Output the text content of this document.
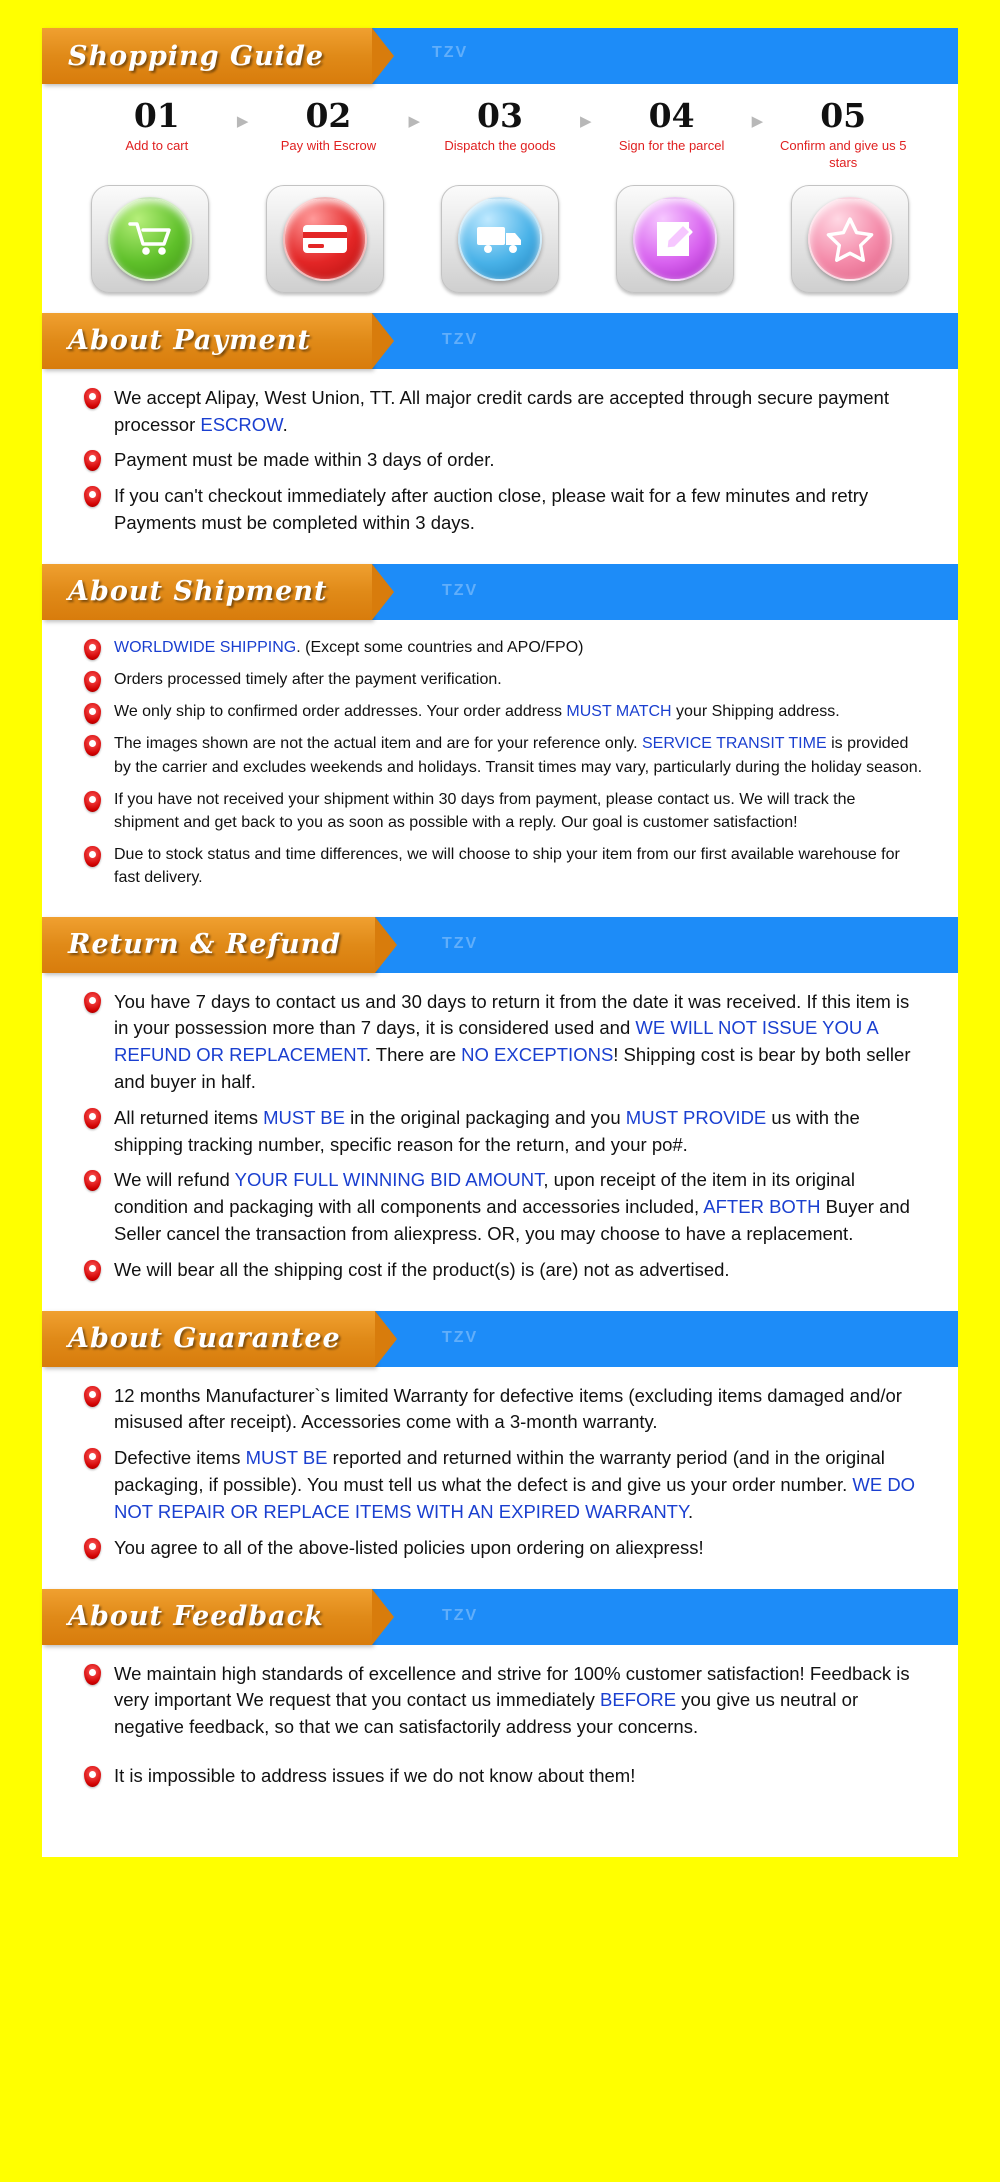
Shopping Guide	TZV
01
Add to cart
▶	02
Pay with Escrow
▶	03
Dispatch the goods
▶	04
Sign for the parcel
▶	05
Confirm and give us 5 stars
About Payment	TZV
We accept Alipay, West Union, TT. All major credit cards are accepted through secure payment processor ESCROW.
Payment must be made within 3 days of order.
If you can't checkout immediately after auction close, please wait for a few minutes and retry Payments must be completed within 3 days.
About Shipment	TZV
WORLDWIDE SHIPPING. (Except some countries and APO/FPO)
Orders processed timely after the payment verification.
We only ship to confirmed order addresses. Your order address MUST MATCH your Shipping address.
The images shown are not the actual item and are for your reference only. SERVICE TRANSIT TIME is provided by the carrier and excludes weekends and holidays. Transit times may vary, particularly during the holiday season.
If you have not received your shipment within 30 days from payment, please contact us. We will track the shipment and get back to you as soon as possible with a reply. Our goal is customer satisfaction!
Due to stock status and time differences, we will choose to ship your item from our first available warehouse for fast delivery.
Return & Refund	TZV
You have 7 days to contact us and 30 days to return it from the date it was received. If this item is in your possession more than 7 days, it is considered used and WE WILL NOT ISSUE YOU A REFUND OR REPLACEMENT. There are NO EXCEPTIONS! Shipping cost is bear by both seller and buyer in half.
All returned items MUST BE in the original packaging and you MUST PROVIDE us with the shipping tracking number, specific reason for the return, and your po#.
We will refund YOUR FULL WINNING BID AMOUNT, upon receipt of the item in its original condition and packaging with all components and accessories included, AFTER BOTH Buyer and Seller cancel the transaction from aliexpress. OR, you may choose to have a replacement.
We will bear all the shipping cost if the product(s) is (are) not as advertised.
About Guarantee	TZV
12 months Manufacturer`s limited Warranty for defective items (excluding items damaged and/or misused after receipt). Accessories come with a 3-month warranty.
Defective items MUST BE reported and returned within the warranty period (and in the original packaging, if possible). You must tell us what the defect is and give us your order number. WE DO NOT REPAIR OR REPLACE ITEMS WITH AN EXPIRED WARRANTY.
You agree to all of the above-listed policies upon ordering on aliexpress!
About Feedback	TZV
We maintain high standards of excellence and strive for 100% customer satisfaction! Feedback is very important We request that you contact us immediately BEFORE you give us neutral or negative feedback, so that we can satisfactorily address your concerns.
It is impossible to address issues if we do not know about them!
